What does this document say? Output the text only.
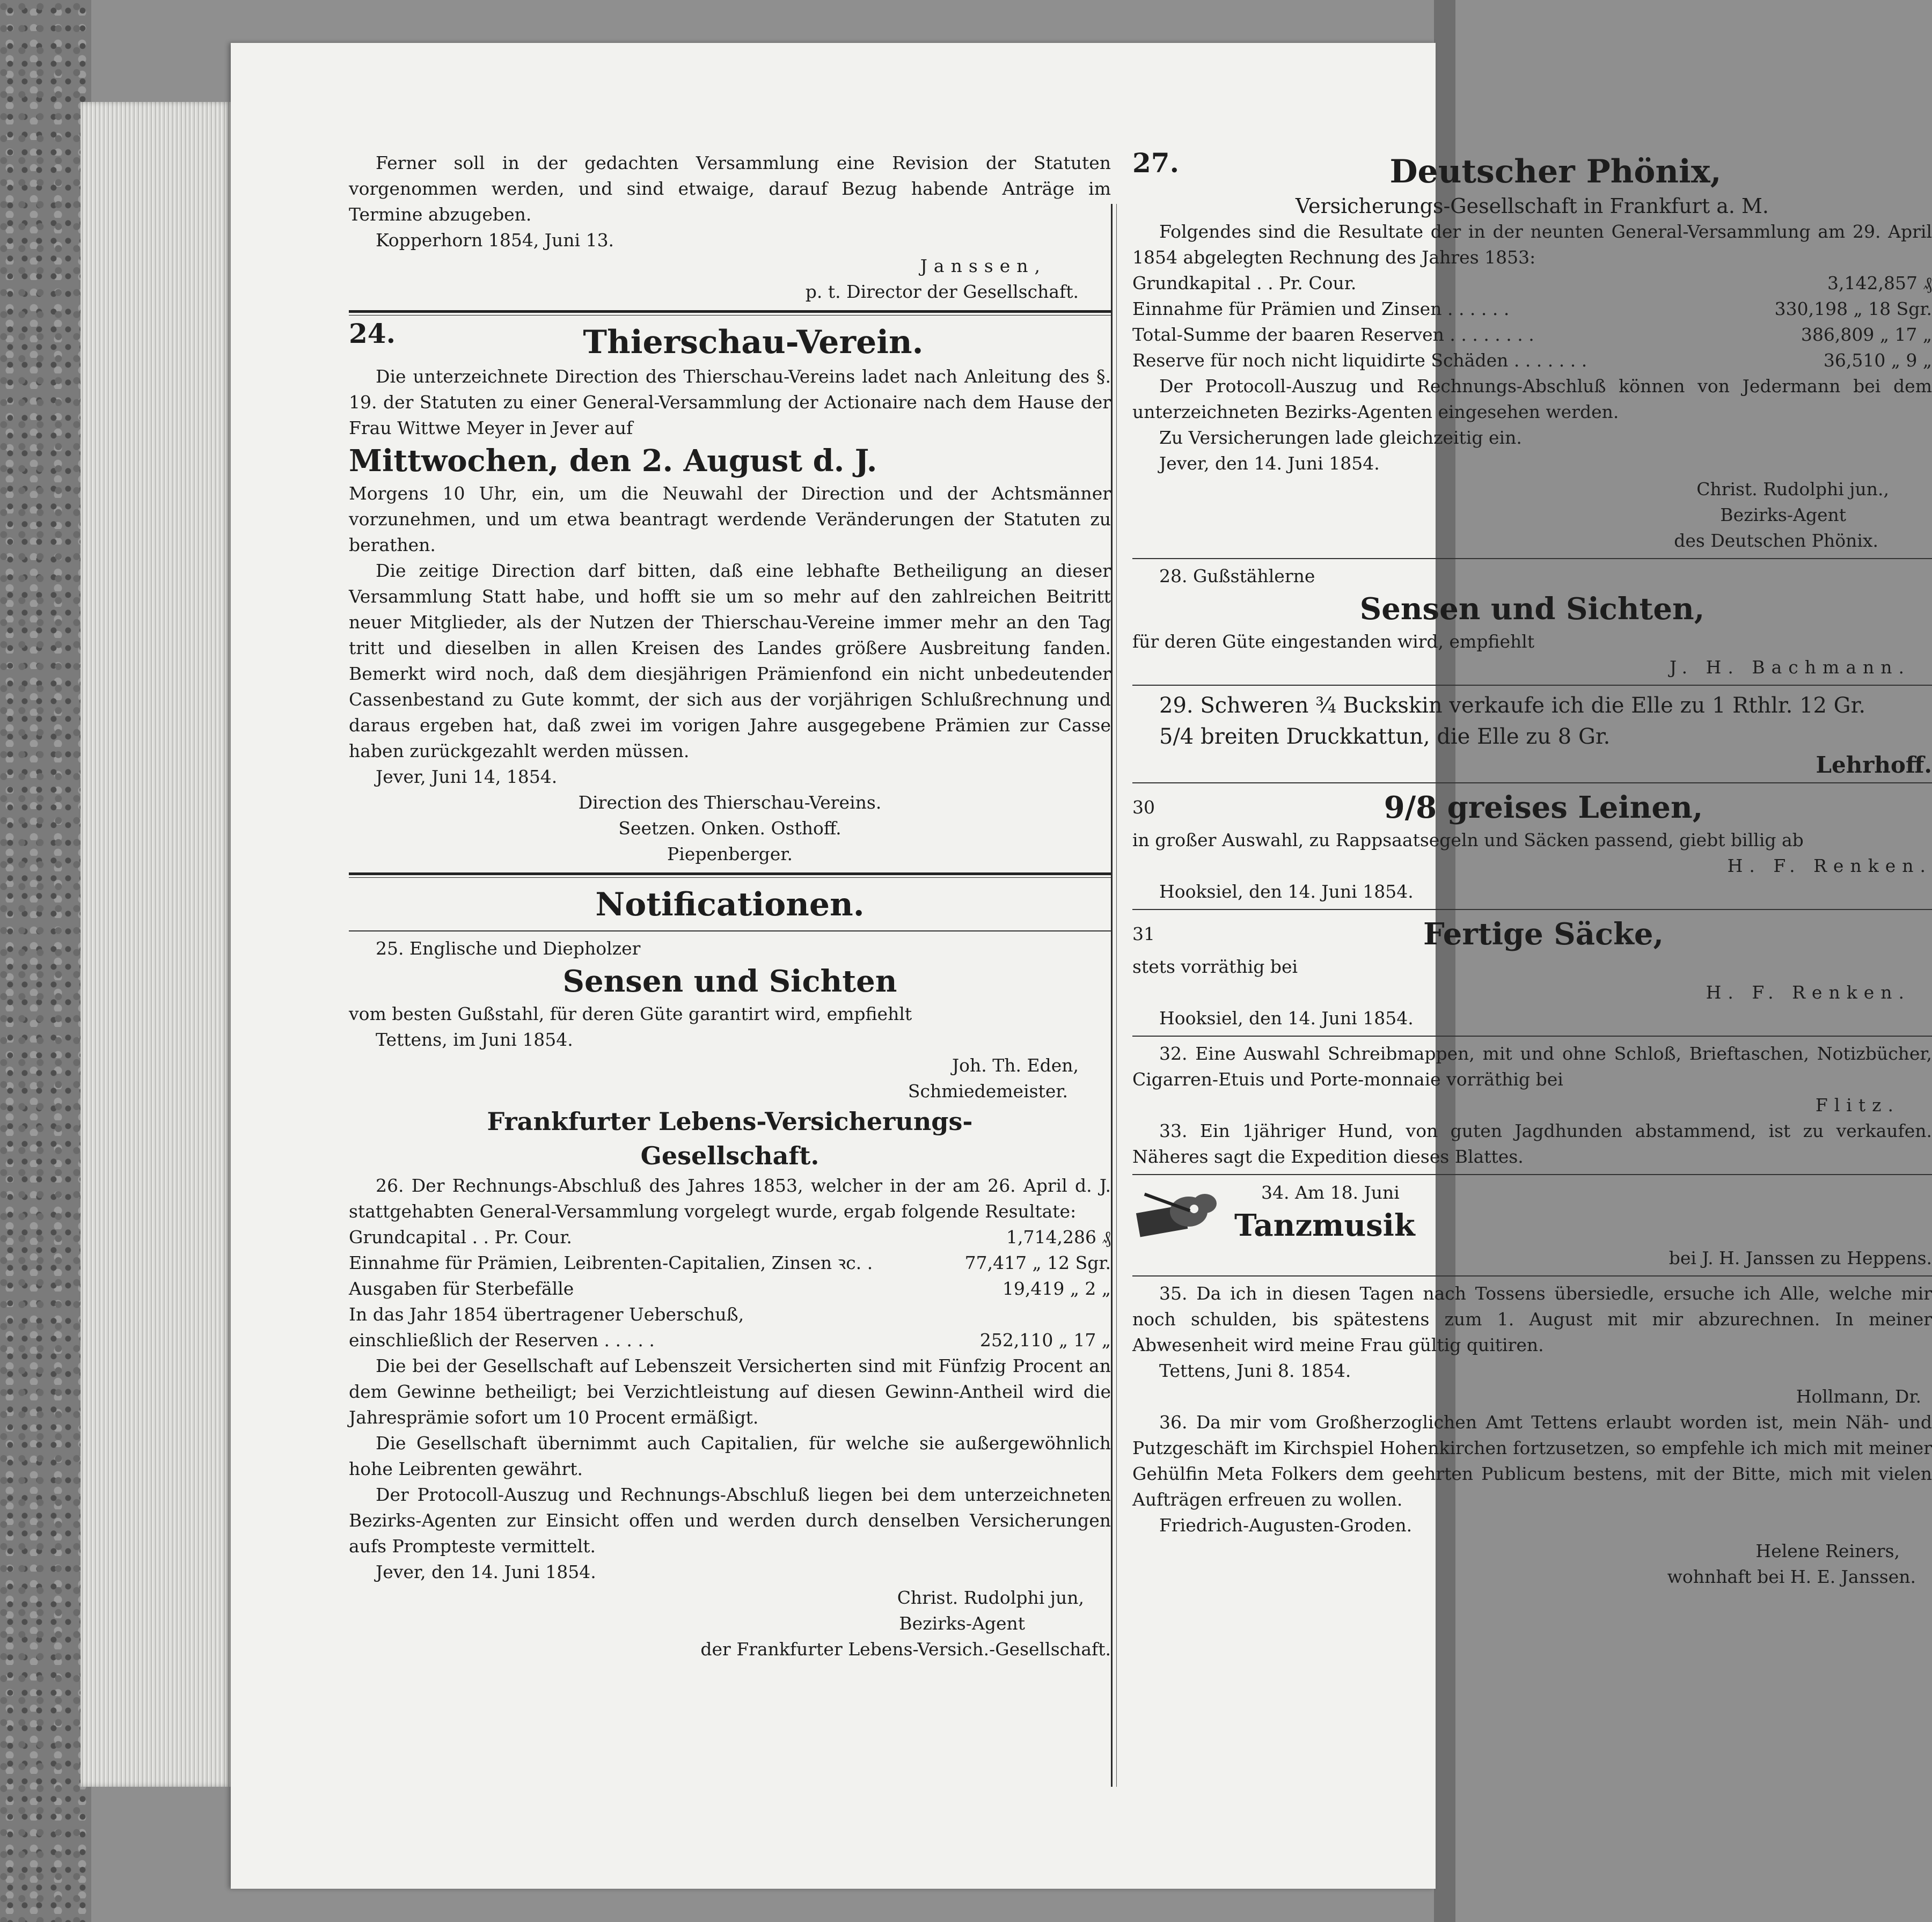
Ferner soll in der gedachten Versammlung eine Revision der Statuten vorgenommen werden, und sind etwaige, darauf Bezug habende Anträge im Termine abzugeben.

Kopperhorn 1854, Juni 13.

Janssen,

p. t. Director der Gesellschaft.

24.	Thierschau-Verein.

Die unterzeichnete Direction des Thierschau-Vereins ladet nach Anleitung des §. 19. der Statuten zu einer General-Versammlung der Actionaire nach dem Hause der Frau Wittwe Meyer in Jever auf

Mittwochen, den 2. August d. J.

Morgens 10 Uhr, ein, um die Neuwahl der Direction und der Achtsmänner vorzunehmen, und um etwa beantragt werdende Veränderungen der Statuten zu berathen.

Die zeitige Direction darf bitten, daß eine lebhafte Betheiligung an dieser Versammlung Statt habe, und hofft sie um so mehr auf den zahlreichen Beitritt neuer Mitglieder, als der Nutzen der Thierschau-Vereine immer mehr an den Tag tritt und dieselben in allen Kreisen des Landes größere Ausbreitung fanden. Bemerkt wird noch, daß dem diesjährigen Prämienfond ein nicht unbedeutender Cassenbestand zu Gute kommt, der sich aus der vorjährigen Schlußrechnung und daraus ergeben hat, daß zwei im vorigen Jahre ausgegebene Prämien zur Casse haben zurückgezahlt werden müssen.

Jever, Juni 14, 1854.

Direction des Thierschau-Vereins.

Seetzen. Onken. Osthoff.

Piepenberger.

Notificationen.

25. Englische und Diepholzer

Sensen und Sichten

vom besten Gußstahl, für deren Güte garantirt wird, empfiehlt

Tettens, im Juni 1854.

Joh. Th. Eden,

Schmiedemeister.

Frankfurter Lebens-Versicherungs-

Gesellschaft.

26. Der Rechnungs-Abschluß des Jahres 1853, welcher in der am 26. April d. J. stattgehabten General-Versammlung vorgelegt wurde, ergab folgende Resultate:

Grundcapital . . Pr. Cour.	1,714,286 ₰
Einnahme für Prämien, Leibrenten-Capitalien, Zinsen ꝛc. .	77,417 „ 12 Sgr.
Ausgaben für Sterbefälle	19,419 „ 2 „
In das Jahr 1854 übertragener Ueberschuß, einschließlich der Reserven . . . . .	252,110 „ 17 „

Die bei der Gesellschaft auf Lebenszeit Versicherten sind mit Fünfzig Procent an dem Gewinne betheiligt; bei Verzichtleistung auf diesen Gewinn-Antheil wird die Jahresprämie sofort um 10 Procent ermäßigt.

Die Gesellschaft übernimmt auch Capitalien, für welche sie außergewöhnlich hohe Leibrenten gewährt.

Der Protocoll-Auszug und Rechnungs-Abschluß liegen bei dem unterzeichneten Bezirks-Agenten zur Einsicht offen und werden durch denselben Versicherungen aufs Prompteste vermittelt.

Jever, den 14. Juni 1854.

Christ. Rudolphi jun,

Bezirks-Agent

der Frankfurter Lebens-Versich.-Gesellschaft.

27.	Deutscher Phönix,

Versicherungs-Gesellschaft in Frankfurt a. M.

Folgendes sind die Resultate der in der neunten General-Versammlung am 29. April 1854 abgelegten Rechnung des Jahres 1853:

Grundkapital . . Pr. Cour.	3,142,857 ₰
Einnahme für Prämien und Zinsen . . . . . .	330,198 „ 18 Sgr.
Total-Summe der baaren Reserven . . . . . . . .	386,809 „ 17 „
Reserve für noch nicht liquidirte Schäden . . . . . . .	36,510 „ 9 „

Der Protocoll-Auszug und Rechnungs-Abschluß können von Jedermann bei dem unterzeichneten Bezirks-Agenten eingesehen werden.

Zu Versicherungen lade gleichzeitig ein.

Jever, den 14. Juni 1854.

Christ. Rudolphi jun.,

Bezirks-Agent

des Deutschen Phönix.

28. Gußstählerne

Sensen und Sichten,

für deren Güte eingestanden wird, empfiehlt

J. H. Bachmann.

29. Schweren ¾ Buckskin verkaufe ich die Elle zu 1 Rthlr. 12 Gr.

5/4 breiten Druckkattun, die Elle zu 8 Gr.

Lehrhoff.

30	9/8 greises Leinen,

in großer Auswahl, zu Rappsaatsegeln und Säcken passend, giebt billig ab

H. F. Renken.

Hooksiel, den 14. Juni 1854.

31	Fertige Säcke,

stets vorräthig bei

H. F. Renken.

Hooksiel, den 14. Juni 1854.

32. Eine Auswahl Schreibmappen, mit und ohne Schloß, Brieftaschen, Notizbücher, Cigarren-Etuis und Porte-monnaie vorräthig bei

Flitz.

33. Ein 1jähriger Hund, von guten Jagdhunden abstammend, ist zu verkaufen. Näheres sagt die Expedition dieses Blattes.

34. Am 18. Juni

Tanzmusik

bei J. H. Janssen zu Heppens.

35. Da ich in diesen Tagen nach Tossens übersiedle, ersuche ich Alle, welche mir noch schulden, bis spätestens zum 1. August mit mir abzurechnen. In meiner Abwesenheit wird meine Frau gültig quitiren.

Tettens, Juni 8. 1854.

Hollmann, Dr.

36. Da mir vom Großherzoglichen Amt Tettens erlaubt worden ist, mein Näh- und Putzgeschäft im Kirchspiel Hohenkirchen fortzusetzen, so empfehle ich mich mit meiner Gehülfin Meta Folkers dem geehrten Publicum bestens, mit der Bitte, mich mit vielen Aufträgen erfreuen zu wollen.

Friedrich-Augusten-Groden.

Helene Reiners,

wohnhaft bei H. E. Janssen.
